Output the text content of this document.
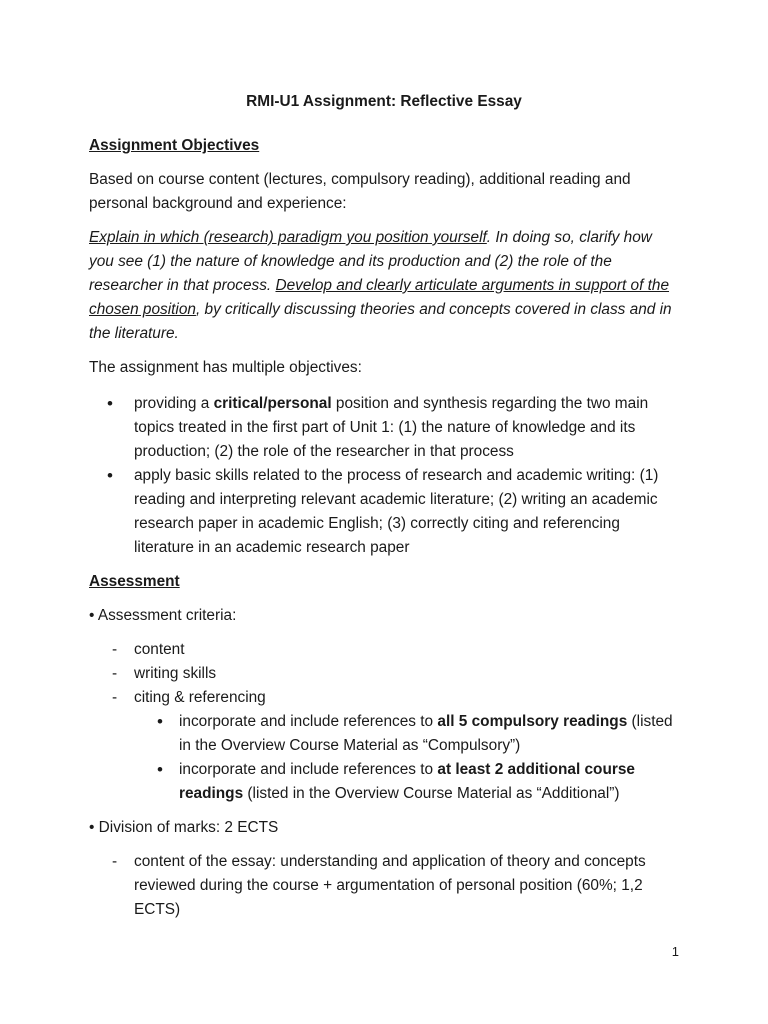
RMI-U1 Assignment: Reflective Essay
Assignment Objectives

Based on course content (lectures, compulsory reading), additional reading and personal background and experience:

Explain in which (research) paradigm you position yourself. In doing so, clarify how you see (1) the nature of knowledge and its production and (2) the role of the researcher in that process. Develop and clearly articulate arguments in support of the chosen position, by critically discussing theories and concepts covered in class and in the literature.

The assignment has multiple objectives:

• providing a critical/personal position and synthesis regarding the two main topics treated in the first part of Unit 1: (1) the nature of knowledge and its production; (2) the role of the researcher in that process
• apply basic skills related to the process of research and academic writing: (1) reading and interpreting relevant academic literature; (2) writing an academic research paper in academic English; (3) correctly citing and referencing literature in an academic research paper
Assessment

• Assessment criteria:

- content
- writing skills
- citing & referencing
• incorporate and include references to all 5 compulsory readings (listed in the Overview Course Material as “Compulsory”)
• incorporate and include references to at least 2 additional course readings (listed in the Overview Course Material as “Additional”)

• Division of marks: 2 ECTS

- content of the essay: understanding and application of theory and concepts reviewed during the course + argumentation of personal position (60%; 1,2 ECTS)
1
